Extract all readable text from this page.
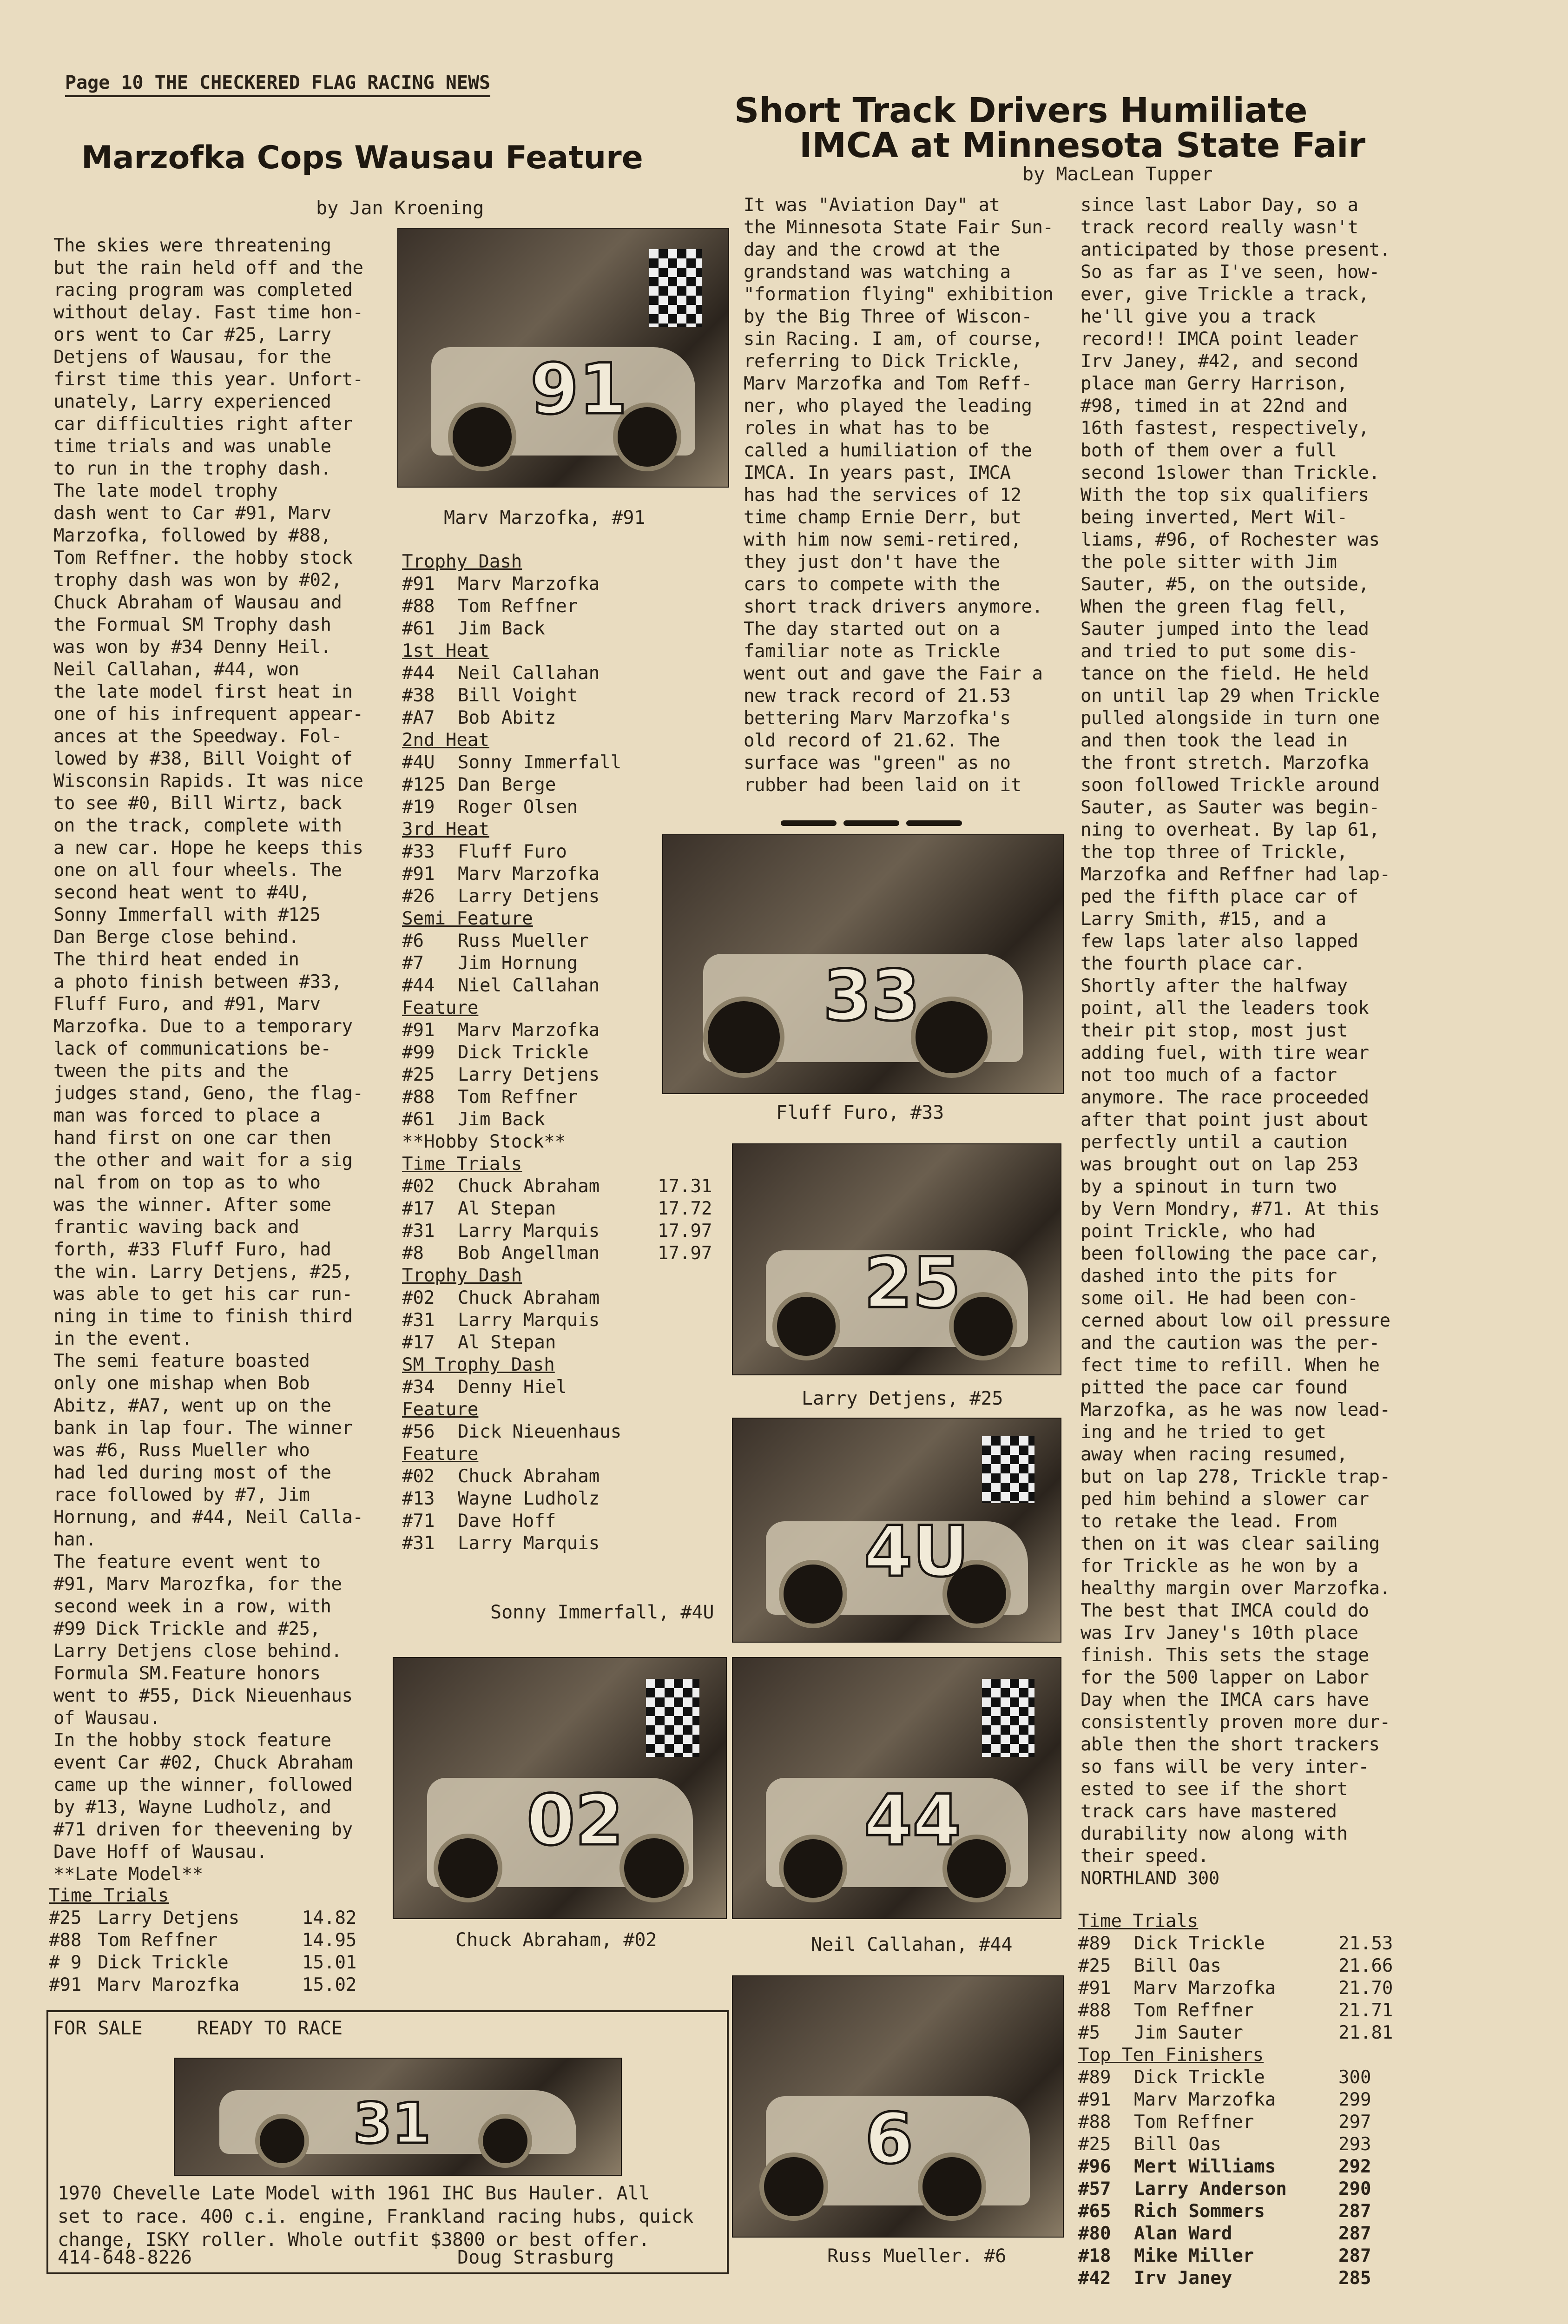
Page 10 THE CHECKERED FLAG RACING NEWS
Marzofka Cops Wausau Feature
by Jan Kroening
The skies were threatening
but the rain held off and the
racing program was completed
without delay. Fast time hon-
ors went to Car #25, Larry
Detjens of Wausau, for the
first time this year. Unfort-
unately, Larry experienced
car difficulties right after
time trials and was unable
to run in the trophy dash.
The late model trophy
dash went to Car #91, Marv
Marzofka, followed by #88,
Tom Reffner. the hobby stock
trophy dash was won by #02,
Chuck Abraham of Wausau and
the Formual SM Trophy dash
was won by #34 Denny Heil.
Neil Callahan, #44, won
the late model first heat in
one of his infrequent appear-
ances at the Speedway. Fol-
lowed by #38, Bill Voight of
Wisconsin Rapids. It was nice
to see #0, Bill Wirtz, back
on the track, complete with
a new car. Hope he keeps this
one on all four wheels. The
second heat went to #4U,
Sonny Immerfall with #125
Dan Berge close behind.
The third heat ended in
a photo finish between #33,
Fluff Furo, and #91, Marv
Marzofka. Due to a temporary
lack of communications be-
tween the pits and the
judges stand, Geno, the flag-
man was forced to place a
hand first on one car then
the other and wait for a sig
nal from on top as to who
was the winner. After some
frantic waving back and
forth, #33 Fluff Furo, had
the win. Larry Detjens, #25,
was able to get his car run-
ning in time to finish third
in the event.
The semi feature boasted
only one mishap when Bob
Abitz, #A7, went up on the
bank in lap four. The winner
was #6, Russ Mueller who
had led during most of the
race followed by #7, Jim
Hornung, and #44, Neil Calla-
han.
The feature event went to
#91, Marv Marozfka, for the
second week in a row, with
#99 Dick Trickle and #25,
Larry Detjens close behind.
Formula SM.Feature honors
went to #55, Dick Nieuenhaus
of Wausau.
In the hobby stock feature
event Car #02, Chuck Abraham
came up the winner, followed
by #13, Wayne Ludholz, and
#71 driven for theevening by
Dave Hoff of Wausau.
**Late Model**
Time Trials
#25 Larry Detjens	14.82
#88 Tom Reffner	14.95
# 9 Dick Trickle	15.01
#91 Marv Marozfka	15.02
91
Marv Marzofka, #91
Trophy Dash
#91	Marv Marzofka
#88	Tom Reffner
#61	Jim Back
1st Heat
#44	Neil Callahan
#38	Bill Voight
#A7	Bob Abitz
2nd Heat
#4U	Sonny Immerfall
#125 Dan Berge
#19	Roger Olsen
3rd Heat
#33	Fluff Furo
#91	Marv Marzofka
#26	Larry Detjens
Semi Feature
#6	Russ Mueller
#7	Jim Hornung
#44	Niel Callahan
Feature
#91	Marv Marzofka
#99	Dick Trickle
#25	Larry Detjens
#88	Tom Reffner
#61	Jim Back
**Hobby Stock**
Time Trials
#02	Chuck Abraham	17.31
#17	Al Stepan	17.72
#31	Larry Marquis	17.97
#8	Bob Angellman	17.97
Trophy Dash
#02	Chuck Abraham
#31	Larry Marquis
#17	Al Stepan
SM Trophy Dash
#34	Denny Hiel
Feature
#56	Dick Nieuenhaus
Feature
#02	Chuck Abraham
#13	Wayne Ludholz
#71	Dave Hoff
#31	Larry Marquis
Sonny Immerfall, #4U
02
Chuck Abraham, #02
Short Track Drivers Humiliate
IMCA at Minnesota State Fair
by MacLean Tupper
It was "Aviation Day" at
the Minnesota State Fair Sun-
day and the crowd at the
grandstand was watching a
"formation flying" exhibition
by the Big Three of Wiscon-
sin Racing. I am, of course,
referring to Dick Trickle,
Marv Marzofka and Tom Reff-
ner, who played the leading
roles in what has to be
called a humiliation of the
IMCA. In years past, IMCA
has had the services of 12
time champ Ernie Derr, but
with him now semi-retired,
they just don't have the
cars to compete with the
short track drivers anymore.
The day started out on a
familiar note as Trickle
went out and gave the Fair a
new track record of 21.53
bettering Marv Marzofka's
old record of 21.62. The
surface was "green" as no
rubber had been laid on it
33
Fluff Furo, #33
25
Larry Detjens, #25
4U
44
Neil Callahan, #44
6
Russ Mueller. #6
since last Labor Day, so a
track record really wasn't
anticipated by those present.
So as far as I've seen, how-
ever, give Trickle a track,
he'll give you a track
record!! IMCA point leader
Irv Janey, #42, and second
place man Gerry Harrison,
#98, timed in at 22nd and
16th fastest, respectively,
both of them over a full
second 1slower than Trickle.
With the top six qualifiers
being inverted, Mert Wil-
liams, #96, of Rochester was
the pole sitter with Jim
Sauter, #5, on the outside,
When the green flag fell,
Sauter jumped into the lead
and tried to put some dis-
tance on the field. He held
on until lap 29 when Trickle
pulled alongside in turn one
and then took the lead in
the front stretch. Marzofka
soon followed Trickle around
Sauter, as Sauter was begin-
ning to overheat. By lap 61,
the top three of Trickle,
Marzofka and Reffner had lap-
ped the fifth place car of
Larry Smith, #15, and a
few laps later also lapped
the fourth place car.
Shortly after the halfway
point, all the leaders took
their pit stop, most just
adding fuel, with tire wear
not too much of a factor
anymore. The race proceeded
after that point just about
perfectly until a caution
was brought out on lap 253
by a spinout in turn two
by Vern Mondry, #71. At this
point Trickle, who had
been following the pace car,
dashed into the pits for
some oil. He had been con-
cerned about low oil pressure
and the caution was the per-
fect time to refill. When he
pitted the pace car found
Marzofka, as he was now lead-
ing and he tried to get
away when racing resumed,
but on lap 278, Trickle trap-
ped him behind a slower car
to retake the lead. From
then on it was clear sailing
for Trickle as he won by a
healthy margin over Marzofka.
The best that IMCA could do
was Irv Janey's 10th place
finish. This sets the stage
for the 500 lapper on Labor
Day when the IMCA cars have
consistently proven more dur-
able then the short trackers
so fans will be very inter-
ested to see if the short
track cars have mastered
durability now along with
their speed.
NORTHLAND 300
Time Trials
#89	Dick Trickle	21.53
#25	Bill Oas	21.66
#91	Marv Marzofka	21.70
#88	Tom Reffner	21.71
#5	Jim Sauter	21.81
Top Ten Finishers
#89	Dick Trickle	300
#91	Marv Marzofka	299
#88	Tom Reffner	297
#25	Bill Oas	293
#96	Mert Williams	292
#57	Larry Anderson	290
#65	Rich Sommers	287
#80	Alan Ward	287
#18	Mike Miller	287
#42	Irv Janey	285
FOR SALE	READY TO RACE
31
1970 Chevelle Late Model with 1961 IHC Bus Hauler. All
set to race. 400 c.i. engine, Frankland racing hubs, quick
change, ISKY roller. Whole outfit $3800 or best offer.
414-648-8226	Doug Strasburg
